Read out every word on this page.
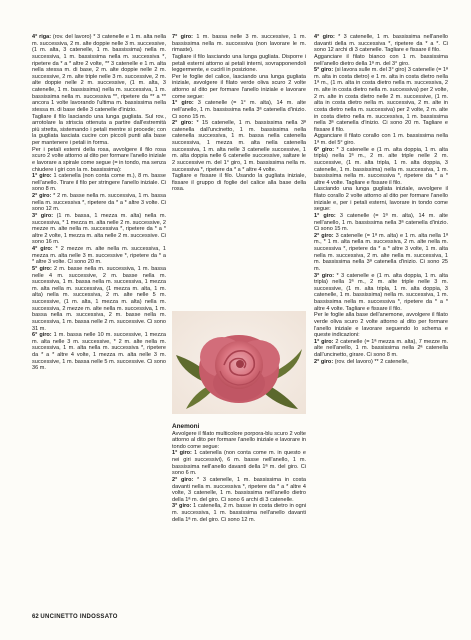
4° riga: (rov. del lavoro) * 3 catenelle e 1 m. alta nella m. successiva, 2 m. alte doppie nelle 3 m. successive, (1 m. alta, 3 catenelle, 1 m. bassissima) nella m. successiva, 1 m. bassissima nella m. successiva *, ripetere da * a * altre 2 volte, ** 3 catenelle e 1 m. alta nella stessa m. di base, 2 m. alte doppie nelle 2 m. successive, 2 m. alte triple nelle 3 m. successive, 2 m. alte doppie nelle 2 m. successive, (1 m. alta, 3 catenelle, 1 m. bassissima) nella m. successiva, 1 m. bassissima nella m. successiva **, ripetere da ** a ** ancora 1 volte lavorando l'ultima m. bassissima nella stessa m. di base delle 3 catenelle d'inizio.

Tagliare il filo lasciando una lunga gugliata. Sul rov., arrotolare la striscia ottenuta a partire dall'estremità più stretta, sistemando i petali mentre si procede; con la gugliata lasciata cucire con piccoli punti alla base per mantenere i petali in forma.

Per i petali esterni della rosa, avvolgere il filo rosa scuro 2 volte attorno al dito per formare l'anello iniziale e lavorare a spirale come segue (= in tondo, ma senza chiudere i giri con la m. bassissima):

1° giro: 1 catenella (non conta come m.), 8 m. basse nell'anello. Tirare il filo per stringere l'anello iniziale. Ci sono 8 m.

2° giro: * 2 m. basse nella m. successiva, 1 m. bassa nella m. successiva *, ripetere da * a * altre 3 volte. Ci sono 12 m.

3° giro: (1 m. bassa, 1 mezza m. alta) nella m. successiva, * 1 mezza m. alta nelle 2 m. successive, 2 mezze m. alte nella m. successiva *, ripetere da * a * altre 2 volte, 1 mezza m. alta nelle 2 m. successive. Ci sono 16 m.

4° giro: * 2 mezze m. alte nella m. successiva, 1 mezza m. alta nelle 3 m. successive *, ripetere da * a * altre 3 volte. Ci sono 20 m.

5° giro: 2 m. basse nella m. successiva, 1 m. bassa nelle 4 m. successive, 2 m. basse nella m. successiva, 1 m. bassa nella m. successiva, 1 mezza m. alta nella m. successiva, (1 mezza m. alta, 1 m. alta) nella m. successiva, 2 m. alte nelle 5 m. successive, (1 m. alta, 1 mezza m. alta) nella m. successiva, 2 mezze m. alte nella m. successiva, 1 m. bassa nella m. successiva, 2 m. basse nella m. successiva, 1 m. bassa nelle 2 m. successive. Ci sono 31 m.

6° giro: 1 m. bassa nelle 10 m. successive, 1 mezza m. alta nelle 3 m. successive, * 2 m. alte nella m. successiva, 1 m. alta nella m. successiva *, ripetere da * a * altre 4 volte, 1 mezza m. alta nelle 3 m. successive, 1 m. bassa nelle 5 m. successive. Ci sono 36 m.

7° giro: 1 m. bassa nelle 3 m. successive, 1 m. bassissima nella m. successiva (non lavorare le m. rimaste).

Tagliare il filo lasciando una lunga gugliata. Disporre i petali esterni attorno ai petali interni, sovrapponendoli leggermente, e cucirli in posizione.

Per le foglie del calice, lasciando una lunga gugliata iniziale, avvolgere il filato verde oliva scuro 2 volte attorno al dito per formare l'anello iniziale e lavorare come segue:

1° giro: 3 catenelle (= 1° m. alta), 14 m. alte nell'anello, 1 m. bassissima nella 3ª catenella d'inizio. Ci sono 15 m.

2° giro: * 15 catenelle, 1 m. bassissima nella 3ª catenella dall'uncinetto, 1 m. bassissima nella catenella successiva, 1 m. bassa nella catenella successiva, 1 mezza m. alta nella catenella successiva, 1 m. alta nelle 3 catenelle successive, 1 m. alta doppia nelle 6 catenelle successive, saltare le 2 successive m. del 1° giro, 1 m. bassissima nella m. successiva *, ripetere da * a * altre 4 volte.

Tagliare e fissare il filo. Usando la gugliata iniziale, fissare il gruppo di foglie del calice alla base della rosa.

Anemoni

Avvolgere il filato multicolore porpora-blu scuro 2 volte attorno al dito per formare l'anello iniziale e lavorare in tondo come segue:

1° giro: 1 catenella (non conta come m. in questo e nei giri successivi), 6 m. basse nell'anello, 1 m. bassissima nell'anello davanti della 1ª m. del giro. Ci sono 6 m.

2° giro: * 3 catenelle, 1 m. bassissima in costa davanti nella m. successiva *, ripetere da * a * altre 4 volte, 3 catenelle, 1 m. bassissima nell'anello dietro della 1ª m. del giro. Ci sono 6 archi di 3 catenelle.

3° giro: 1 catenella, 2 m. basse in costa dietro in ogni m. successiva, 1 m. bassissima nell'anello davanti della 1ª m. del giro. Ci sono 12 m.

4° giro: * 3 catenelle, 1 m. bassissima nell'anello davanti della m. successiva *, ripetere da * a *. Ci sono 12 archi di 3 catenelle. Tagliare e fissare il filo.

Agganciare il filato bianco con 1 m. bassissima nell'anello dietro della 1ª m. del 3° giro.

5° giro: (si lavora sulle m. del 3° giro) 3 catenelle (= 1ª m. alta in costa dietro) e 1 m. alta in costa dietro nella 1ª m., (1 m. alta in costa dietro nella m. successiva, 2 m. alte in costa dietro nella m. successiva) per 2 volte, 2 m. alte in costa dietro nelle 2 m. successive, (1 m. alta in costa dietro nella m. successiva, 2 m. alte in costa dietro nella m. successiva) per 2 volte, 2 m. alte in costa dietro nella m. successiva, 1 m. bassissima nella 3ª catenella d'inizio. Ci sono 20 m. Tagliare e fissare il filo.

Agganciare il filato corallo con 1 m. bassissima nella 1ª m. del 5° giro.

6° giro: * 3 catenelle e (1 m. alta doppia, 1 m. alta tripla) nella 1ª m., 2 m. alte triple nelle 2 m. successive, (1 m. alta tripla, 1 m. alta doppia, 3 catenelle, 1 m. bassissima) nella m. successiva, 1 m. bassissima nella m. successiva *, ripetere da * a * altre 4 volte. Tagliare e fissare il filo.

Lasciando una lunga gugliata iniziale, avvolgere il filato corallo 2 volte attorno al dito per formare l'anello iniziale e, per i petali esterni, lavorare in tondo come segue:

1° giro: 3 catenelle (= 1ª m. alta), 14 m. alte nell'anello, 1 m. bassissima nella 3ª catenella d'inizio. Ci sono 15 m.

2° giro: 3 catenelle (= 1ª m. alta) e 1 m. alta nella 1ª m., * 1 m. alta nella m. successiva, 2 m. alte nella m. successiva *, ripetere da * a * altre 3 volte, 1 m. alta nella m. successiva, 2 m. alte nella m. successiva, 1 m. bassissima nella 3ª catenella d'inizio. Ci sono 25 m.

3° giro: * 3 catenelle e (1 m. alta doppia, 1 m. alta tripla) nella 1ª m., 2 m. alte triple nelle 3 m. successive, (1 m. alta tripla, 1 m. alta doppia, 3 catenelle, 1 m. bassissima) nella m. successiva, 1 m. bassissima nella m. successiva *, ripetere da * a * altre 4 volte. Tagliare e fissare il filo.

Per le foglie alla base dell'anemone, avvolgere il filato verde oliva scuro 2 volte attorno al dito per formare l'anello iniziale e lavorare seguendo lo schema e queste indicazioni:

1° giro: 2 catenelle (= 1ª mezza m. alta), 7 mezze m. alte nell'anello, 1 m. bassissima nella 2ª catenella dall'uncinetto, girare. Ci sono 8 m.

2° giro: (rov. del lavoro) ** 2 catenelle,

62 UNCINETTO INDOSSATO
